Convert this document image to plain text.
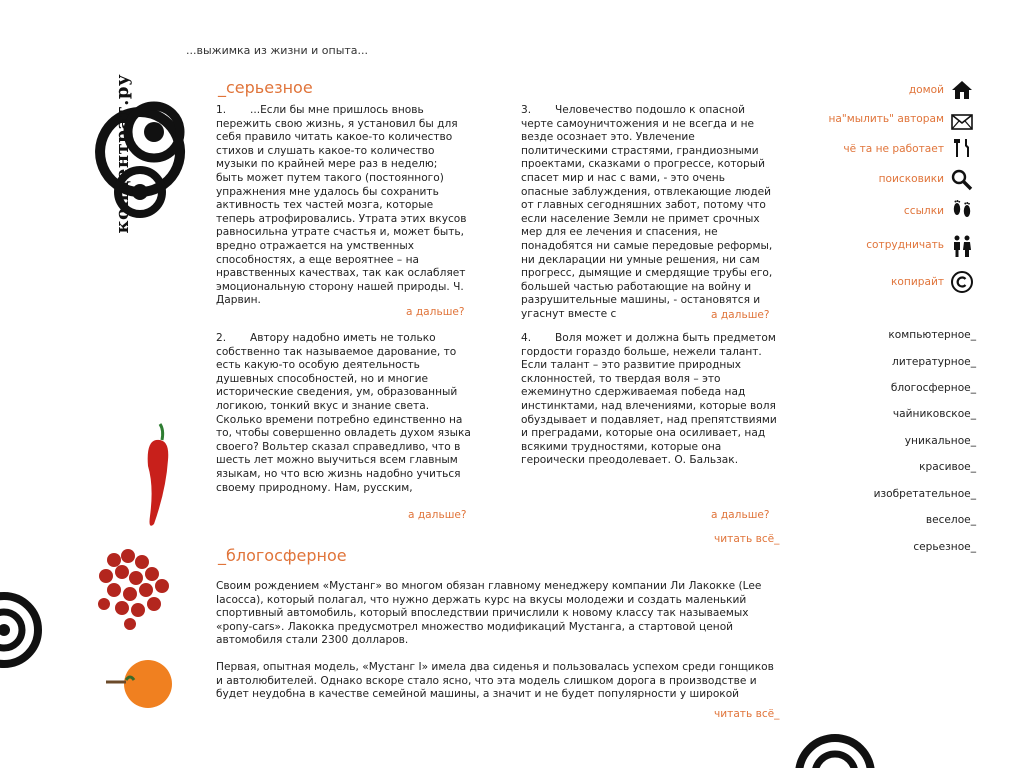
...выжимка из жизни и опыта...
концентрат.ру	_серьезное
1. ...Если бы мне пришлось вновь пережить свою жизнь, я установил бы для себя правило читать какое-то количество стихов и слушать какое-то количество музыки по крайней мере раз в неделю; быть может путем такого (постоянного) упражнения мне удалось бы сохранить активность тех частей мозга, которые теперь атрофировались. Утрата этих вкусов равносильна утрате счастья и, может быть, вредно отражается на умственных способностях, а еще вероятнее – на нравственных качествах, так как ослабляет эмоциональную сторону нашей природы. Ч. Дарвин.
а дальше?
3. Человечество подошло к опасной черте самоуничтожения и не всегда и не везде осознает это. Увлечение политическими страстями, грандиозными проектами, сказками о прогрессе, который спасет мир и нас с вами, - это очень опасные заблуждения, отвлекающие людей от главных сегодняшних забот, потому что если население Земли не примет срочных мер для ее лечения и спасения, не понадобятся ни самые передовые реформы, ни декларации ни умные решения, ни сам прогресс, дымящие и смердящие трубы его, большей частью работающие на войну и разрушительные машины, - остановятся и угаснут вместе с	а дальше?
2. Автору надобно иметь не только собственно так называемое дарование, то есть какую-то особую деятельность душевных способностей, но и многие исторические сведения, ум, образованный логикою, тонкий вкус и знание света. Сколько времени потребно единственно на то, чтобы совершенно овладеть духом языка своего? Вольтер сказал справедливо, что в шесть лет можно выучиться всем главным языкам, но что всю жизнь надобно учиться своему природному. Нам, русским,
а дальше?
4. Воля может и должна быть предметом гордости гораздо больше, нежели талант. Если талант – это развитие природных склонностей, то твердая воля – это ежеминутно сдерживаемая победа над инстинктами, над влечениями, которые воля обуздывает и подавляет, над препятствиями и преградами, которые она осиливает, над всякими трудностями, которые она героически преодолевает. О. Бальзак.
а дальше?
читать всё_
_блогосферное

Своим рождением «Мустанг» во многом обязан главному менеджеру компании Ли Лакокке (Lee Iacocca), который полагал, что нужно держать курс на вкусы молодежи и создать маленький спортивный автомобиль, который впоследствии причислили к новому классу так называемых «pony-cars». Лакокка предусмотрел множество модификаций Мустанга, а стартовой ценой автомобиля стали 2300 долларов.

Первая, опытная модель, «Мустанг I» имела два сиденья и пользовалась успехом среди гонщиков и автолюбителей. Однако вскоре стало ясно, что эта модель слишком дорога в производстве и будет неудобна в качестве семейной машины, а значит и не будет популярности у широкой

читать всё_
домой
на"мылить" авторам
чё та не работает
поисковики
ссылки
сотрудничать
копирайт
компьютерное_
литературное_
блогосферное_
чайниковское_
уникальное_
красивое_
изобретательное_
веселое_
серьезное_
